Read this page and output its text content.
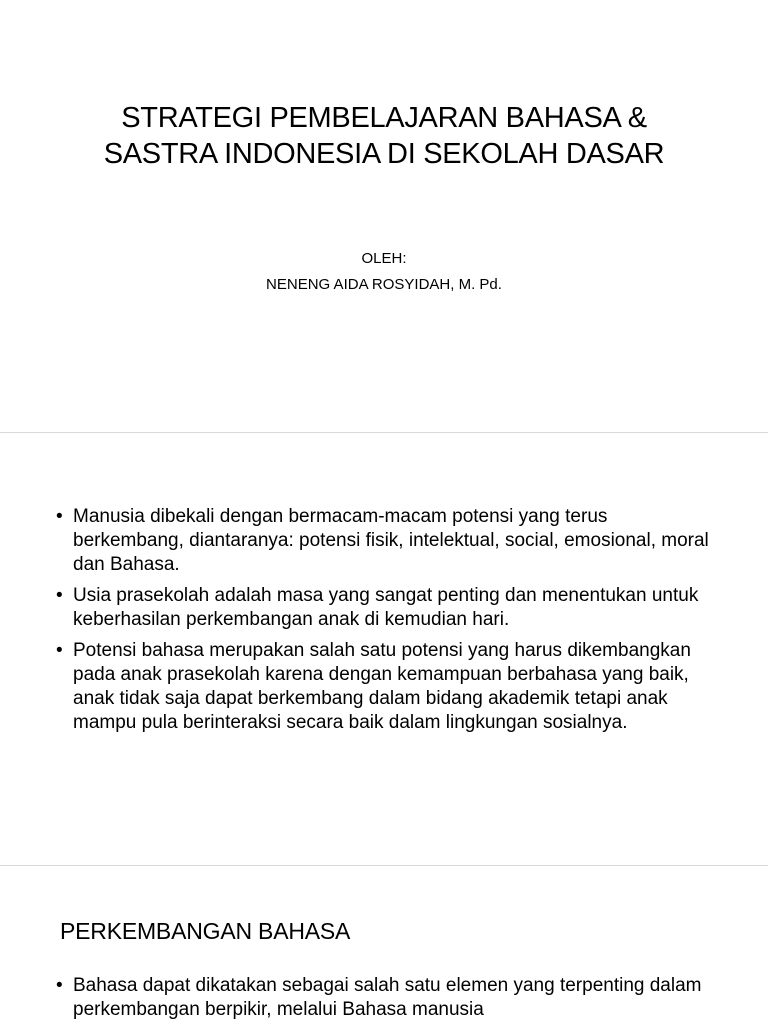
STRATEGI PEMBELAJARAN BAHASA &
SASTRA INDONESIA DI SEKOLAH DASAR
OLEH:
NENENG AIDA ROSYIDAH, M. Pd.
• Manusia dibekali dengan bermacam-macam potensi yang terus berkembang, diantaranya: potensi fisik, intelektual, social, emosional, moral dan Bahasa.
• Usia prasekolah adalah masa yang sangat penting dan menentukan untuk keberhasilan perkembangan anak di kemudian hari.
• Potensi bahasa merupakan salah satu potensi yang harus dikembangkan pada anak prasekolah karena dengan kemampuan berbahasa yang baik, anak tidak saja dapat berkembang dalam bidang akademik tetapi anak mampu pula berinteraksi secara baik dalam lingkungan sosialnya.
PERKEMBANGAN BAHASA
• Bahasa dapat dikatakan sebagai salah satu elemen yang terpenting dalam perkembangan berpikir, melalui Bahasa manusia
